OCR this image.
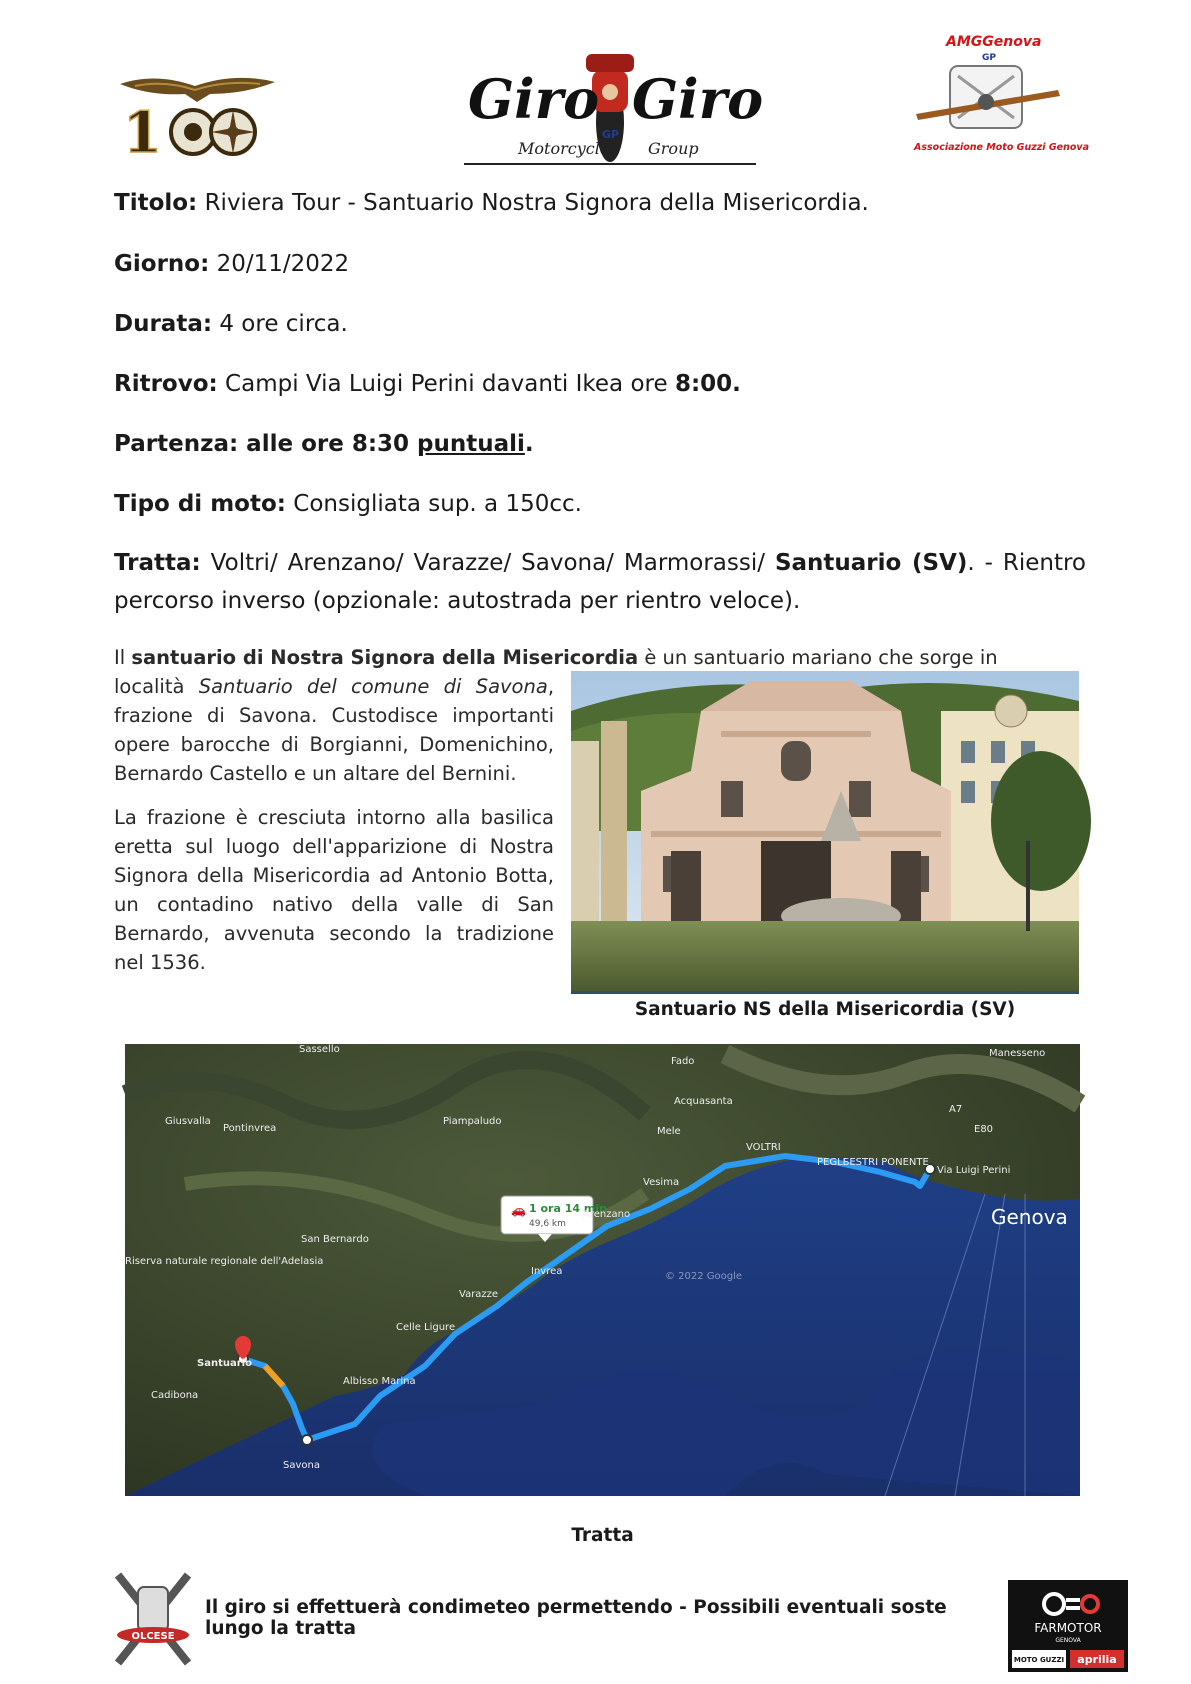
1
Giro Giro
GP
Motorcycle Group
AMGGenova
GP
Associazione Moto Guzzi Genova
Titolo: Riviera Tour - Santuario Nostra Signora della Misericordia.
Giorno: 20/11/2022
Durata: 4 ore circa.
Ritrovo: Campi Via Luigi Perini davanti Ikea ore 8:00.
Partenza: alle ore 8:30 puntuali.
Tipo di moto: Consigliata sup. a 150cc.
Tratta: Voltri/ Arenzano/ Varazze/ Savona/ Marmorassi/ Santuario (SV). - Rientro percorso inverso (opzionale: autostrada per rientro veloce).
Il santuario di Nostra Signora della Misericordia è un santuario mariano che sorge in
località Santuario del comune di Savona, frazione di Savona. Custodisce importanti opere barocche di Borgianni, Domenichino, Bernardo Castello e un altare del Bernini.
La frazione è cresciuta intorno alla basilica eretta sul luogo dell'apparizione di Nostra Signora della Misericordia ad Antonio Botta, un contadino nativo della valle di San Bernardo, avvenuta secondo la tradizione nel 1536.
Santuario NS della Misericordia (SV)
🚗 1 ora 14 min
49,6 km
Sassello
Piampaludo
Giusvalla
Pontinvrea
Fado
Acquasanta
Mele
Manesseno
VOLTRI
PEGLI
SESTRI PONENTE
Vesima
Arenzano
Invrea
Varazze
Celle Ligure
Albisso Marina
San Bernardo
Riserva naturale regionale dell'Adelasia
Cadibona
Savona
Santuario
Via Luigi Perini
Genova
© 2022 Google
A7
E80
Tratta
OLCESE
Il giro si effettuerà condimeteo permettendo - Possibili eventuali soste lungo la tratta	FARMOTOR
GENOVA
MOTO GUZZI aprilia
